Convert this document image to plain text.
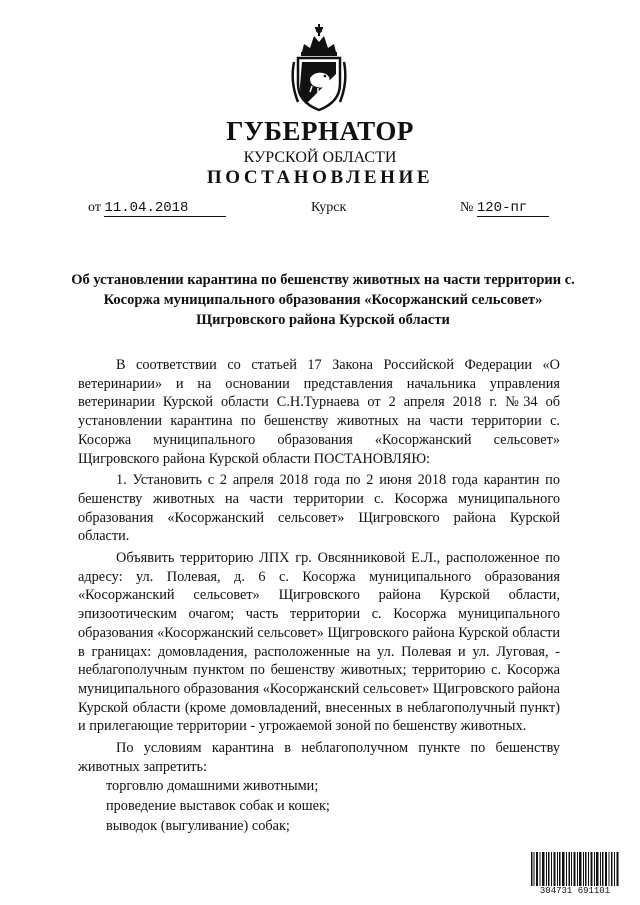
ГУБЕРНАТОР
КУРСКОЙ ОБЛАСТИ
ПОСТАНОВЛЕНИЕ
от 11.04.2018	Курск	№ 120-пг
Об установлении карантина по бешенству животных на части территории с. Косоржа муниципального образования «Косоржанский сельсовет» Щигровского района Курской области

В соответствии со статьей 17 Закона Российской Федерации «О ветеринарии» и на основании представления начальника управления ветеринарии Курской области С.Н.Турнаева от 2 апреля 2018 г. №34 об установлении карантина по бешенству животных на части территории с. Косоржа муниципального образования «Косоржанский сельсовет» Щигровского района Курской области ПОСТАНОВЛЯЮ:

1. Установить с 2 апреля 2018 года по 2 июня 2018 года карантин по бешенству животных на части территории с. Косоржа муниципального образования «Косоржанский сельсовет» Щигровского района Курской области.

Объявить территорию ЛПХ гр. Овсянниковой Е.Л., расположенное по адресу: ул. Полевая, д. 6 с. Косоржа муниципального образования «Косоржанский сельсовет» Щигровского района Курской области, эпизоотическим очагом; часть территории с. Косоржа муниципального образования «Косоржанский сельсовет» Щигровского района Курской области в границах: домовладения, расположенные на ул. Полевая и ул. Луговая, - неблагополучным пунктом по бешенству животных; территорию с. Косоржа муниципального образования «Косоржанский сельсовет» Щигровского района Курской области (кроме домовладений, внесенных в неблагополучный пункт) и прилегающие территории - угрожаемой зоной по бешенству животных.

По условиям карантина в неблагополучном пункте по бешенству животных запретить:

торговлю домашними животными;

проведение выставок собак и кошек;

выводок (выгуливание) собак;

304731 691101
